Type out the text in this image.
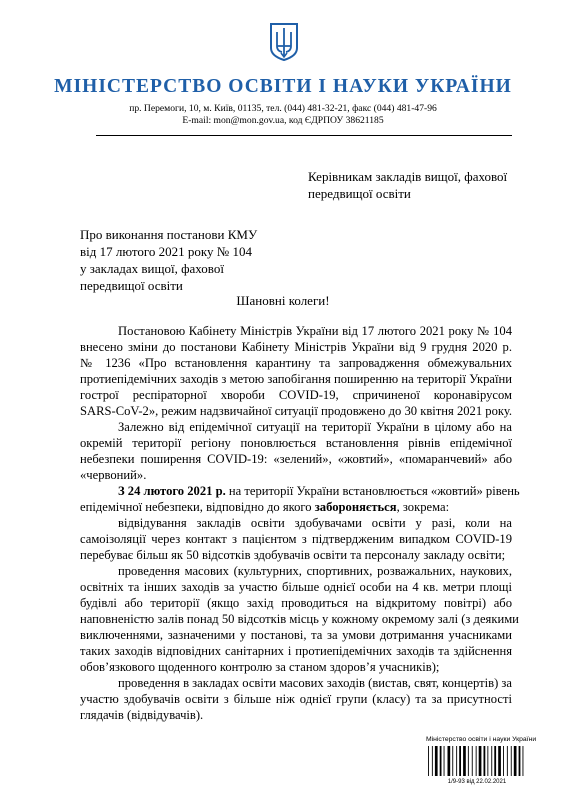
МІНІСТЕРСТВО ОСВІТИ І НАУКИ УКРАЇНИ
пр. Перемоги, 10, м. Київ, 01135, тел. (044) 481-32-21, факс (044) 481-47-96
E-mail: mon@mon.gov.ua, код ЄДРПОУ 38621185
Керівникам закладів вищої, фахової
передвищої освіти
Про виконання постанови КМУ
від 17 лютого 2021 року № 104
у закладах вищої, фахової
передвищої освіти
Шановні колеги!
Постановою Кабінету Міністрів України від 17 лютого 2021 року № 104
внесено зміни до постанови Кабінету Міністрів України від 9 грудня 2020 р.
№ 1236 «Про встановлення карантину та запровадження обмежувальних
протиепідемічних заходів з метою запобігання поширенню на території України
гострої респіраторної хвороби COVID-19, спричиненої коронавірусом
SARS-CoV-2», режим надзвичайної ситуації продовжено до 30 квітня 2021 року.
Залежно від епідемічної ситуації на території України в цілому або на
окремій території регіону поновлюється встановлення рівнів епідемічної
небезпеки поширення COVID-19: «зелений», «жовтий», «помаранчевий» або
«червоний».
З 24 лютого 2021 р. на території України встановлюється «жовтий» рівень
епідемічної небезпеки, відповідно до якого забороняється, зокрема:
відвідування закладів освіти здобувачами освіти у разі, коли на
самоізоляції через контакт з пацієнтом з підтвердженим випадком COVID-19
перебуває більш як 50 відсотків здобувачів освіти та персоналу закладу освіти;
проведення масових (культурних, спортивних, розважальних, наукових,
освітніх та інших заходів за участю більше однієї особи на 4 кв. метри площі
будівлі або території (якщо захід проводиться на відкритому повітрі) або
наповненістю залів понад 50 відсотків місць у кожному окремому залі (з деякими
виключеннями, зазначеними у постанові, та за умови дотримання учасниками
таких заходів відповідних санітарних і протиепідемічних заходів та здійснення
обов’язкового щоденного контролю за станом здоров’я учасників);
проведення в закладах освіти масових заходів (вистав, свят, концертів) за
участю здобувачів освіти з більше ніж однієї групи (класу) та за присутності
глядачів (відвідувачів).
Міністерство освіти і науки України
1/9-93 від 22.02.2021
